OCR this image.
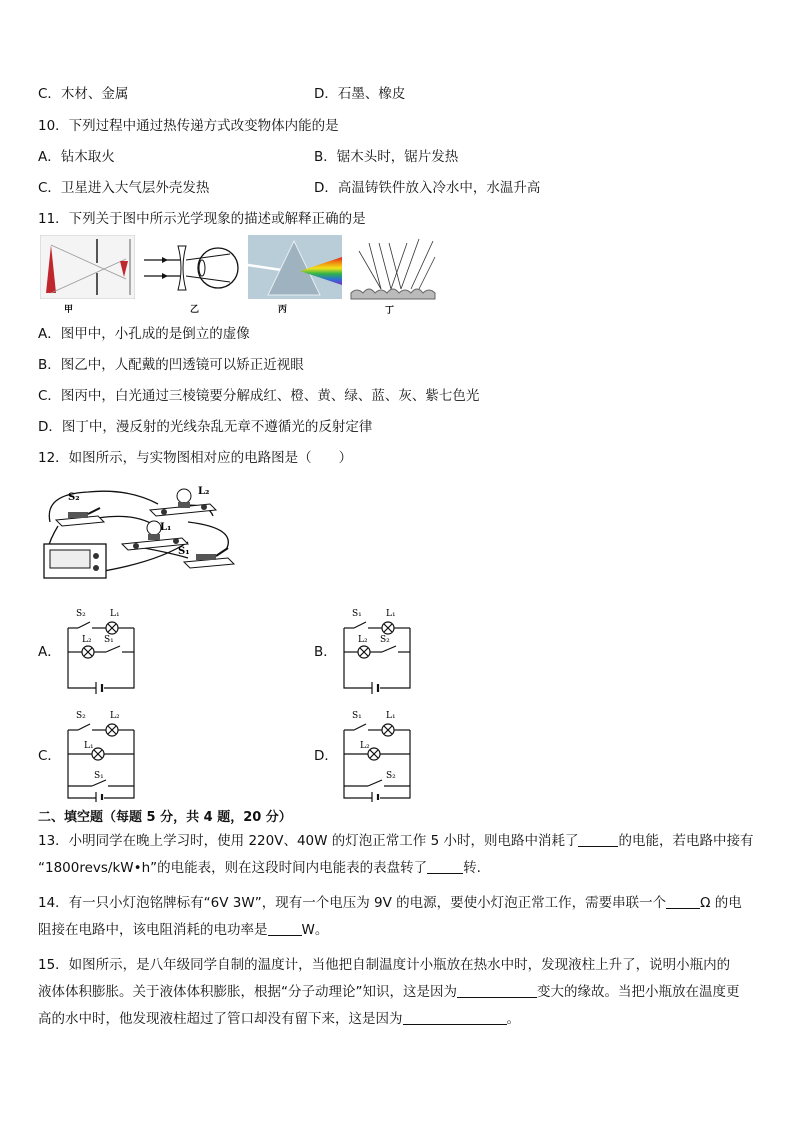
C．木材、金属	D．石墨、橡皮
10．下列过程中通过热传递方式改变物体内能的是
A．钻木取火	B．锯木头时，锯片发热
C．卫星进入大气层外壳发热	D．高温铸铁件放入冷水中，水温升高
11．下列关于图中所示光学现象的描述或解释正确的是
甲	乙	丙	丁
A．图甲中，小孔成的是倒立的虚像
B．图乙中，人配戴的凹透镜可以矫正近视眼
C．图丙中，白光通过三棱镜要分解成红、橙、黄、绿、蓝、灰、紫七色光
D．图丁中，漫反射的光线杂乱无章不遵循光的反射定律
12．如图所示，与实物图相对应的电路图是（　　）
S₂
L₂
L₁
S₁
A．	B．
C．	D．
S₂	L₁
L₂ S₁
S₁	L₁
L₂ S₂
S₂	L₂
L₁
S₁
S₁	L₁
L₂
S₂
二、填空题（每题 5 分，共 4 题，20 分）
13．小明同学在晚上学习时，使用 220V、40W 的灯泡正常工作 5 小时，则电路中消耗了	的电能，若电路中接有
“1800revs/kW•h”的电能表，则在这段时间内电能表的表盘转了	转.
14．有一只小灯泡铭牌标有“6V 3W”，现有一个电压为 9V 的电源，要使小灯泡正常工作，需要串联一个	Ω 的电
阻接在电路中，该电阻消耗的电功率是	W。
15．如图所示，是八年级同学自制的温度计，当他把自制温度计小瓶放在热水中时，发现液柱上升了，说明小瓶内的
液体体积膨胀。关于液体体积膨胀，根据“分子动理论”知识，这是因为	变大的缘故。当把小瓶放在温度更
高的水中时，他发现液柱超过了管口却没有留下来，这是因为	。
